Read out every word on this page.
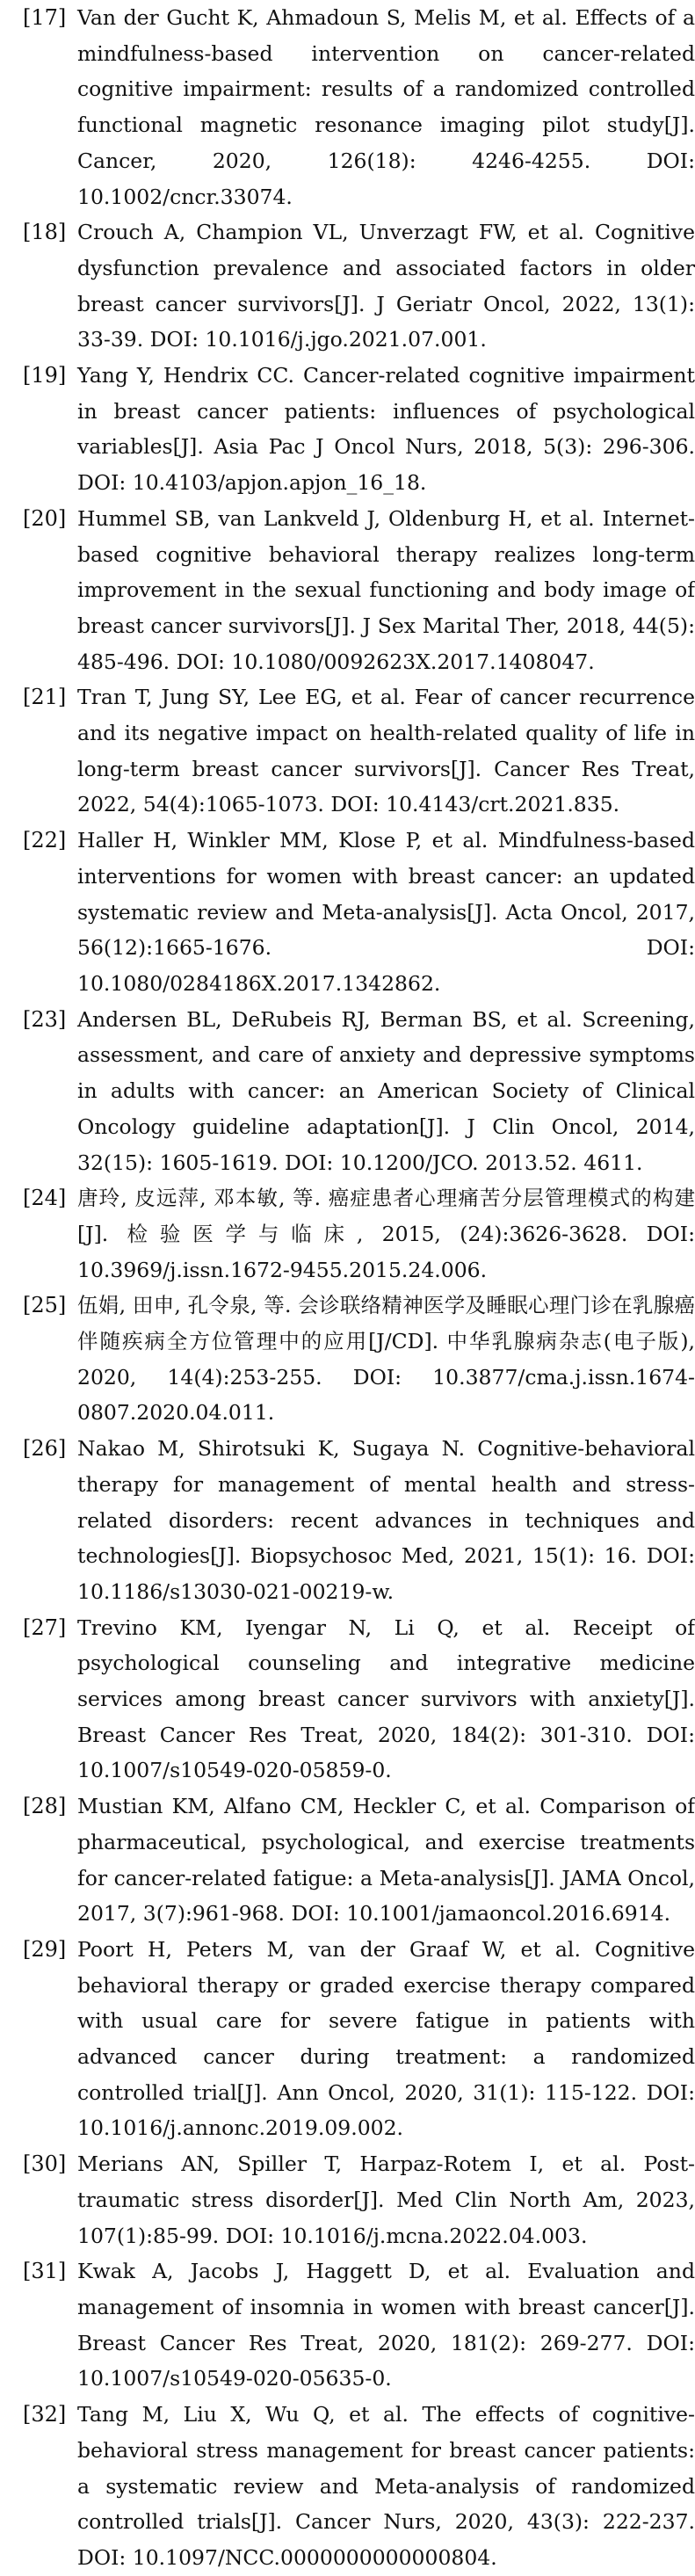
[17] Van der Gucht K, Ahmadoun S, Melis M, et al. Effects of a mindfulness-based intervention on cancer-related cognitive impairment: results of a randomized controlled functional magnetic resonance imaging pilot study[J]. Cancer, 2020, 126(18): 4246-4255. DOI: 10.1002/cncr.33074.
[18] Crouch A, Champion VL, Unverzagt FW, et al. Cognitive dysfunction prevalence and associated factors in older breast cancer survivors[J]. J Geriatr Oncol, 2022, 13(1): 33-39. DOI: 10.1016/j.jgo.2021.07.001.
[19] Yang Y, Hendrix CC. Cancer-related cognitive impairment in breast cancer patients: influences of psychological variables[J]. Asia Pac J Oncol Nurs, 2018, 5(3): 296-306. DOI: 10.4103/apjon.apjon_16_18.
[20] Hummel SB, van Lankveld J, Oldenburg H, et al. Internet-based cognitive behavioral therapy realizes long-term improvement in the sexual functioning and body image of breast cancer survivors[J]. J Sex Marital Ther, 2018, 44(5): 485-496. DOI: 10.1080/0092623X.2017.1408047.
[21] Tran T, Jung SY, Lee EG, et al. Fear of cancer recurrence and its negative impact on health-related quality of life in long-term breast cancer survivors[J]. Cancer Res Treat, 2022, 54(4):1065-1073. DOI: 10.4143/crt.2021.835.
[22] Haller H, Winkler MM, Klose P, et al. Mindfulness-based interventions for women with breast cancer: an updated systematic review and Meta-analysis[J]. Acta Oncol, 2017, 56(12):1665-1676. DOI: 10.1080/0284186X.2017.1342862.
[23] Andersen BL, DeRubeis RJ, Berman BS, et al. Screening, assessment, and care of anxiety and depressive symptoms in adults with cancer: an American Society of Clinical Oncology guideline adaptation[J]. J Clin Oncol, 2014, 32(15): 1605-1619. DOI: 10.1200/JCO. 2013.52. 4611.
[24] 唐玲, 皮远萍, 邓本敏, 等. 癌症患者心理痛苦分层管理模式的构建[J]. 检验医学与临床, 2015, (24):3626-3628. DOI: 10.3969/j.issn.1672-9455.2015.24.006.
[25] 伍娟, 田申, 孔令泉, 等. 会诊联络精神医学及睡眠心理门诊在乳腺癌伴随疾病全方位管理中的应用[J/CD]. 中华乳腺病杂志(电子版), 2020, 14(4):253-255. DOI: 10.3877/cma.j.issn.1674-0807.2020.04.011.
[26] Nakao M, Shirotsuki K, Sugaya N. Cognitive-behavioral therapy for management of mental health and stress-related disorders: recent advances in techniques and technologies[J]. Biopsychosoc Med, 2021, 15(1): 16. DOI: 10.1186/s13030-021-00219-w.
[27] Trevino KM, Iyengar N, Li Q, et al. Receipt of psychological counseling and integrative medicine services among breast cancer survivors with anxiety[J]. Breast Cancer Res Treat, 2020, 184(2): 301-310. DOI: 10.1007/s10549-020-05859-0.
[28] Mustian KM, Alfano CM, Heckler C, et al. Comparison of pharmaceutical, psychological, and exercise treatments for cancer-related fatigue: a Meta-analysis[J]. JAMA Oncol, 2017, 3(7):961-968. DOI: 10.1001/jamaoncol.2016.6914.
[29] Poort H, Peters M, van der Graaf W, et al. Cognitive behavioral therapy or graded exercise therapy compared with usual care for severe fatigue in patients with advanced cancer during treatment: a randomized controlled trial[J]. Ann Oncol, 2020, 31(1): 115-122. DOI: 10.1016/j.annonc.2019.09.002.
[30] Merians AN, Spiller T, Harpaz-Rotem I, et al. Post-traumatic stress disorder[J]. Med Clin North Am, 2023, 107(1):85-99. DOI: 10.1016/j.mcna.2022.04.003.
[31] Kwak A, Jacobs J, Haggett D, et al. Evaluation and management of insomnia in women with breast cancer[J]. Breast Cancer Res Treat, 2020, 181(2): 269-277. DOI: 10.1007/s10549-020-05635-0.
[32] Tang M, Liu X, Wu Q, et al. The effects of cognitive-behavioral stress management for breast cancer patients: a systematic review and Meta-analysis of randomized controlled trials[J]. Cancer Nurs, 2020, 43(3): 222-237. DOI: 10.1097/NCC.0000000000000804.
